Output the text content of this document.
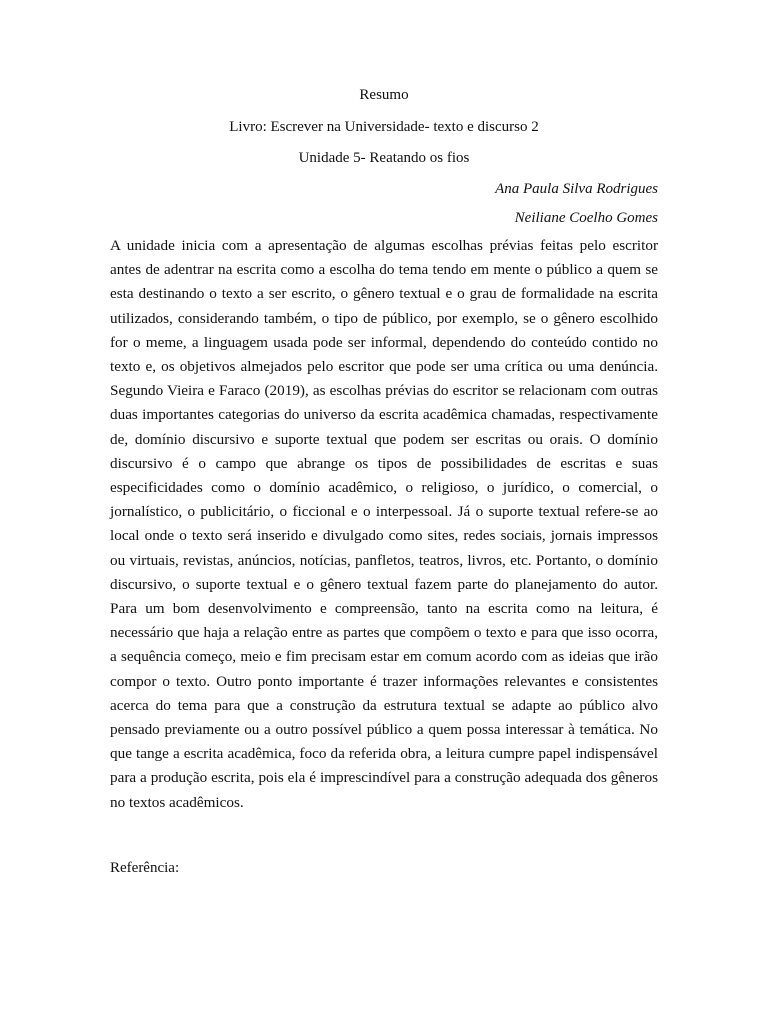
Resumo
Livro: Escrever na Universidade- texto e discurso 2
Unidade 5- Reatando os fios
Ana Paula Silva Rodrigues
Neiliane Coelho Gomes

A unidade inicia com a apresentação de algumas escolhas prévias feitas pelo escritor antes de adentrar na escrita como a escolha do tema tendo em mente o público a quem se esta destinando o texto a ser escrito, o gênero textual e o grau de formalidade na escrita utilizados, considerando também, o tipo de público, por exemplo, se o gênero escolhido for o meme, a linguagem usada pode ser informal, dependendo do conteúdo contido no texto e, os objetivos almejados pelo escritor que pode ser uma crítica ou uma denúncia. Segundo Vieira e Faraco (2019), as escolhas prévias do escritor se relacionam com outras duas importantes categorias do universo da escrita acadêmica chamadas, respectivamente de, domínio discursivo e suporte textual que podem ser escritas ou orais. O domínio discursivo é o campo que abrange os tipos de possibilidades de escritas e suas especificidades como o domínio acadêmico, o religioso, o jurídico, o comercial, o jornalístico, o publicitário, o ficcional e o interpessoal. Já o suporte textual refere-se ao local onde o texto será inserido e divulgado como sites, redes sociais, jornais impressos ou virtuais, revistas, anúncios, notícias, panfletos, teatros, livros, etc. Portanto, o domínio discursivo, o suporte textual e o gênero textual fazem parte do planejamento do autor. Para um bom desenvolvimento e compreensão, tanto na escrita como na leitura, é necessário que haja a relação entre as partes que compõem o texto e para que isso ocorra, a sequência começo, meio e fim precisam estar em comum acordo com as ideias que irão compor o texto. Outro ponto importante é trazer informações relevantes e consistentes acerca do tema para que a construção da estrutura textual se adapte ao público alvo pensado previamente ou a outro possível público a quem possa interessar à temática. No que tange a escrita acadêmica, foco da referida obra, a leitura cumpre papel indispensável para a produção escrita, pois ela é imprescindível para a construção adequada dos gêneros no textos acadêmicos.

Referência:
